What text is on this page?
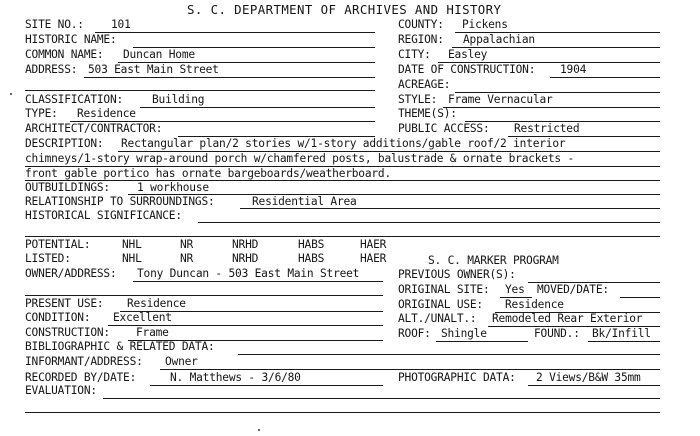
S. C. DEPARTMENT OF ARCHIVES AND HISTORY
SITE NO.: 101	COUNTY: Pickens
HISTORIC NAME:	REGION: Appalachian
COMMON NAME: Duncan Home	CITY: Easley
ADDRESS: 503 East Main Street	DATE OF CONSTRUCTION: 1904
ACREAGE:
CLASSIFICATION:	Building	STYLE: Frame Vernacular
TYPE: Residence	THEME(S):
ARCHITECT/CONTRACTOR:	PUBLIC ACCESS: Restricted
DESCRIPTION: Rectangular plan/2 stories w/1-story additions/gable roof/2 interior
chimneys/1-story wrap-around porch w/chamfered posts, balustrade & ornate brackets -
front gable portico has ornate bargeboards/weatherboard.
OUTBUILDINGS: 1 workhouse
RELATIONSHIP TO SURROUNDINGS:	Residential Area
HISTORICAL SIGNIFICANCE:
POTENTIAL:	NHL	NR	NRHD	HABS	HAER
LISTED:	NHL	NR	NRHD	HABS	HAER	S. C. MARKER PROGRAM
OWNER/ADDRESS: Tony Duncan - 503 East Main Street	PREVIOUS OWNER(S):
ORIGINAL SITE: Yes MOVED/DATE:
PRESENT USE: Residence	ORIGINAL USE: Residence
CONDITION: Excellent	ALT./UNALT.: Remodeled Rear Exterior
CONSTRUCTION: Frame	ROOF: Shingle	FOUND.: Bk/Infill
BIBLIOGRAPHIC & RELATED DATA:
INFORMANT/ADDRESS: Owner
RECORDED BY/DATE:	N. Matthews - 3/6/80	PHOTOGRAPHIC DATA: 2 Views/B&W 35mm
EVALUATION:
